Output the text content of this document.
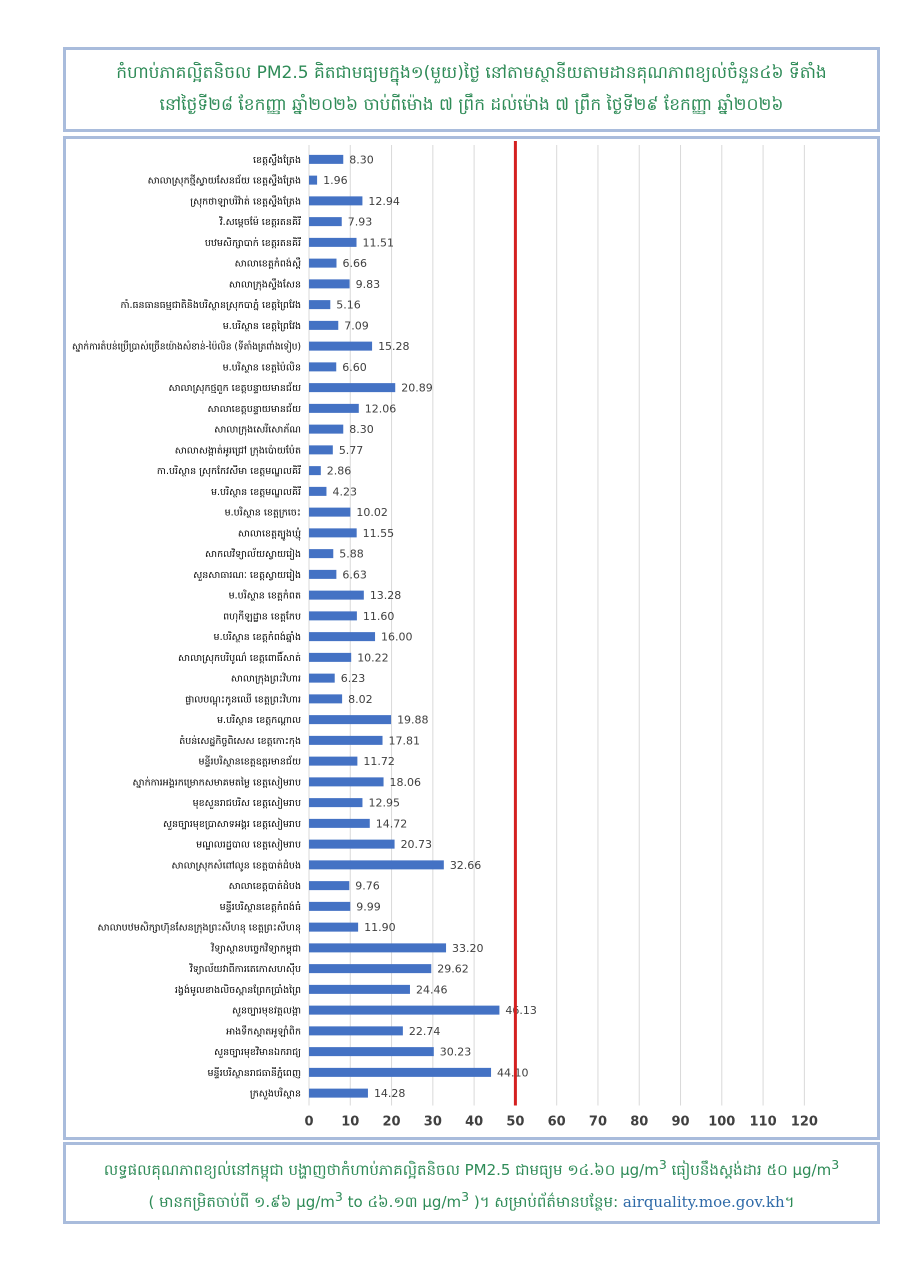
កំហាប់ភាគល្អិតនិចល PM2.5 គិតជាមធ្យមក្នុង១(មួយ)ថ្ងៃ នៅតាមស្ថានីយតាមដានគុណភាពខ្យល់ចំនួន៤៦ ទីតាំង
នៅថ្ងៃទី២៨ ខែកញ្ញា ឆ្នាំ២០២៦ ចាប់ពីម៉ោង ៧ ព្រឹក ដល់ម៉ោង ៧ ព្រឹក ថ្ងៃទី២៩ ខែកញ្ញា ឆ្នាំ២០២៦
ខេត្តស្ទឹងត្រែង
សាលាស្រុកថ្មីស្វាយសែនជ័យ ខេត្តស្ទឹងត្រែង
ស្រុកថាឡាបរិវ៉ាត់ ខេត្តស្ទឹងត្រែង
វិ.សម្ដេចម៉ែ ខេត្តរតនគិរី
បឋមសិក្សាបាក់ ខេត្តរតនគិរី
សាលាខេត្តកំពង់ស្ពឺ
សាលាក្រុងស្ទឹងសែន
កាំ.ធនធានធម្មជាតិនិងបរិស្ថានស្រុកបាភ្នំ ខេត្តព្រៃវែង
ម.បរិស្ថាន ខេត្តព្រៃវែង
ស្នាក់ការតំបន់ប្រើប្រាស់ច្រើនយ៉ាងសំខាន់-ប៉ៃលិន (ទីតាំងត្រពាំងទៀប)
ម.បរិស្ថាន ខេត្តប៉ៃលិន
សាលាស្រុកថ្មពួក ខេត្តបន្ទាយមានជ័យ
សាលាខេត្តបន្ទាយមានជ័យ
សាលាក្រុងសេរីសោភ័ណ
សាលាសង្កាត់អូរជ្រៅ ក្រុងប៉ោយប៉ែត
កា.បរិស្ថាន ស្រុកកែវសីមា ខេត្តមណ្ឌលគិរី
ម.បរិស្ថាន ខេត្តមណ្ឌលគិរី
ម.បរិស្ថាន ខេត្តក្រចេះ
សាលាខេត្តត្បូងឃ្មុំ
សាកលវិទ្យាល័យស្វាយរៀង
សួនសាធារណៈ ខេត្តស្វាយរៀង
ម.បរិស្ថាន ខេត្តកំពត
ពហុកីឡដ្ឋាន ខេត្តកែប
ម.បរិស្ថាន ខេត្តកំពង់ឆ្នាំង
សាលាស្រុកបរិបូណ៌ ខេត្តពោធិ៍សាត់
សាលាក្រុងព្រះវិហារ
ផ្លាលបណ្ដុះកូនឈើ ខេត្តព្រះវិហារ
ម.បរិស្ថាន ខេត្តកណ្ដាល
តំបន់សេដ្ឋកិច្ចពិសេស ខេត្តកោះកុង
មន្ទីរបរិស្ថានខេត្តឧត្តរមានជ័យ
ស្នាក់ការអង្គរកម្រោកសមាគមតម្លៃ ខេត្តសៀមរាប
មុខសួនរាជបរិស ខេត្តសៀមរាប
សួនច្បារមុខប្រាសាទអង្គរ ខេត្តសៀមរាប
មណ្ឌលរដ្ឋបាល ខេត្តសៀមរាប
សាលាស្រុកសំពៅលូន ខេត្តបាត់ដំបង
សាលាខេត្តបាត់ដំបង
មន្ទីរបរិស្ថានខេត្តកំពង់ធំ
សាលាបឋមសិក្សាហ៊ុនសែនក្រុងព្រះសីហនុ ខេត្តព្រះសីហនុ
វិទ្យាស្ថានបច្ចេកវិទ្យាកម្ពុជា
វិទ្យាល័យវាពីការតេកោសហស៊ីប
រង្វង់មូលខាងលិចស្ពានព្រែកប្រាំងព្រៃ
សួនច្បារមុខវត្តលង្កា
អាងទឹកស្ដាតអូឡាំពិក
សួនច្បារមុខវិមានឯករាជ្យ
មន្ទីរបរិស្ថានរាជធានីភ្នំពេញ
ក្រសួងបរិស្ថាន
8.30
1.96
12.94
7.93
11.51
6.66
9.83
5.16
7.09
15.28
6.60
20.89
12.06
8.30
5.77
2.86
4.23
10.02
11.55
5.88
6.63
13.28
11.60
16.00
10.22
6.23
8.02
19.88
17.81
11.72
18.06
12.95
14.72
20.73
32.66
9.76
9.99
11.90
33.20
29.62
24.46
46.13
22.74
30.23
44.10
14.28
0 10 20 30 40 50 60 70 80 90 100 110 120
លទ្ធផលគុណភាពខ្យល់នៅកម្ពុជា បង្ហាញថាកំហាប់ភាគល្អិតនិចល PM2.5 ជាមធ្យម ១៤.៦០ $\mu g/m^3$ ធៀបនឹងស្ដង់ដារ ៥០ $\mu g/m^3$
( មានកម្រិតចាប់ពី ១.៩៦ $\mu g/m^3$ to ៤៦.១៣ $\mu g/m^3$ )។ សម្រាប់ព័ត៌មានបន្ថែម: airquality.moe.gov.kh។
